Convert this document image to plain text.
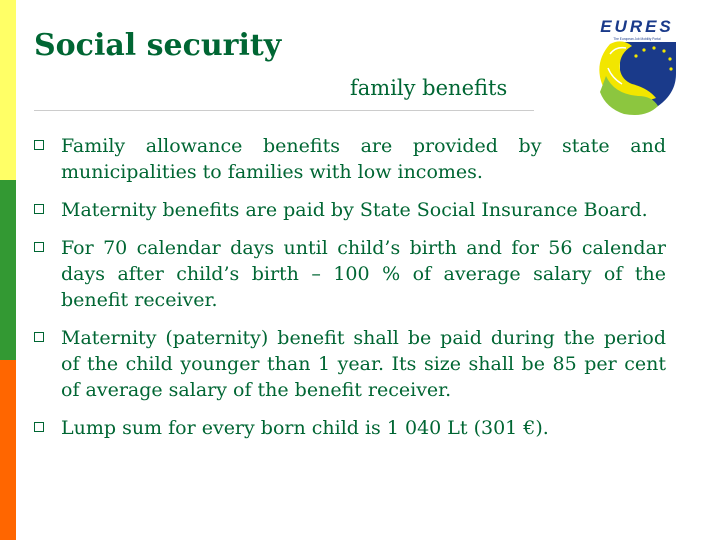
Social security
family benefits
EURES
The European Job Mobility Portal
Family allowance benefits are provided by state and municipalities to families with low incomes.
Maternity benefits are paid by State Social Insurance Board.
For 70 calendar days until child’s birth and for 56 calendar days after child’s birth – 100 % of average salary of the benefit receiver.
Maternity (paternity) benefit shall be paid during the period of the child younger than 1 year. Its size shall be 85 per cent of average salary of the benefit receiver.
Lump sum for every born child is 1 040 Lt (301 €).
